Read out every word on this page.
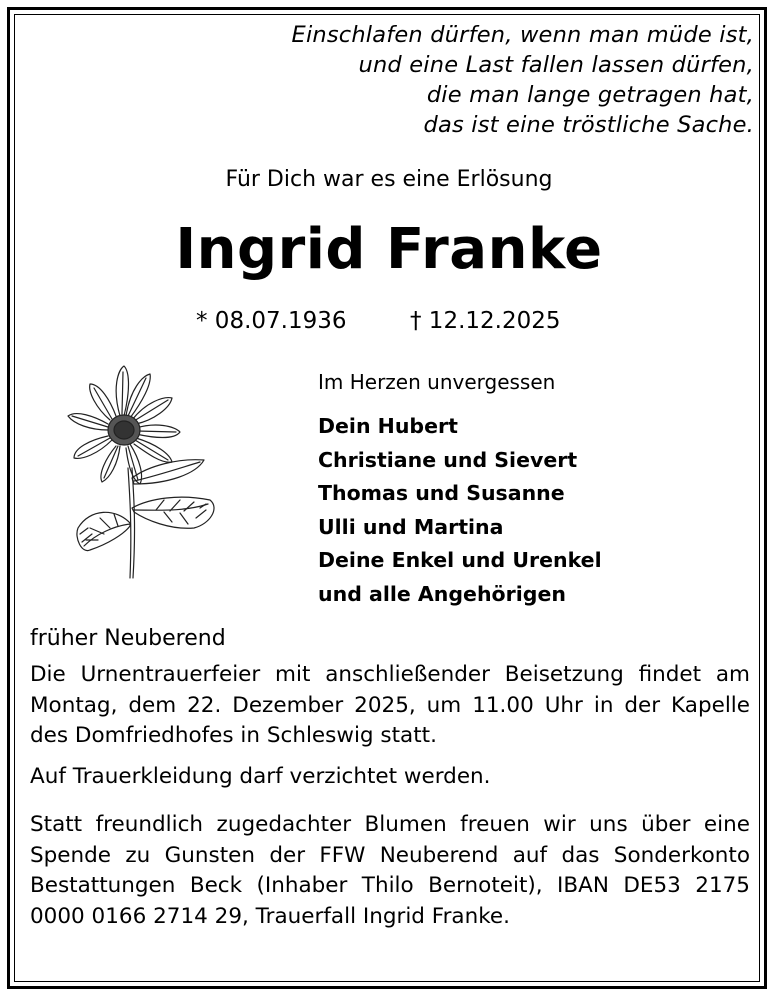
Einschlafen dürfen, wenn man müde ist,
und eine Last fallen lassen dürfen,
die man lange getragen hat,
das ist eine tröstliche Sache.
Für Dich war es eine Erlösung
Ingrid Franke
* 08.07.1936	† 12.12.2025
Im Herzen unvergessen
Dein Hubert
Christiane und Sievert
Thomas und Susanne
Ulli und Martina
Deine Enkel und Urenkel
und alle Angehörigen
früher Neuberend

Die Urnentrauerfeier mit anschließender Beisetzung findet am Montag, dem 22. Dezember 2025, um 11.00 Uhr in der Kapelle des Domfriedhofes in Schleswig statt.

Auf Trauerkleidung darf verzichtet werden.

Statt freundlich zugedachter Blumen freuen wir uns über eine Spende zu Gunsten der FFW Neuberend auf das Sonderkonto Bestattungen Beck (Inhaber Thilo Bernoteit), IBAN DE53 2175 0000 0166 2714 29, Trauerfall Ingrid Franke.
